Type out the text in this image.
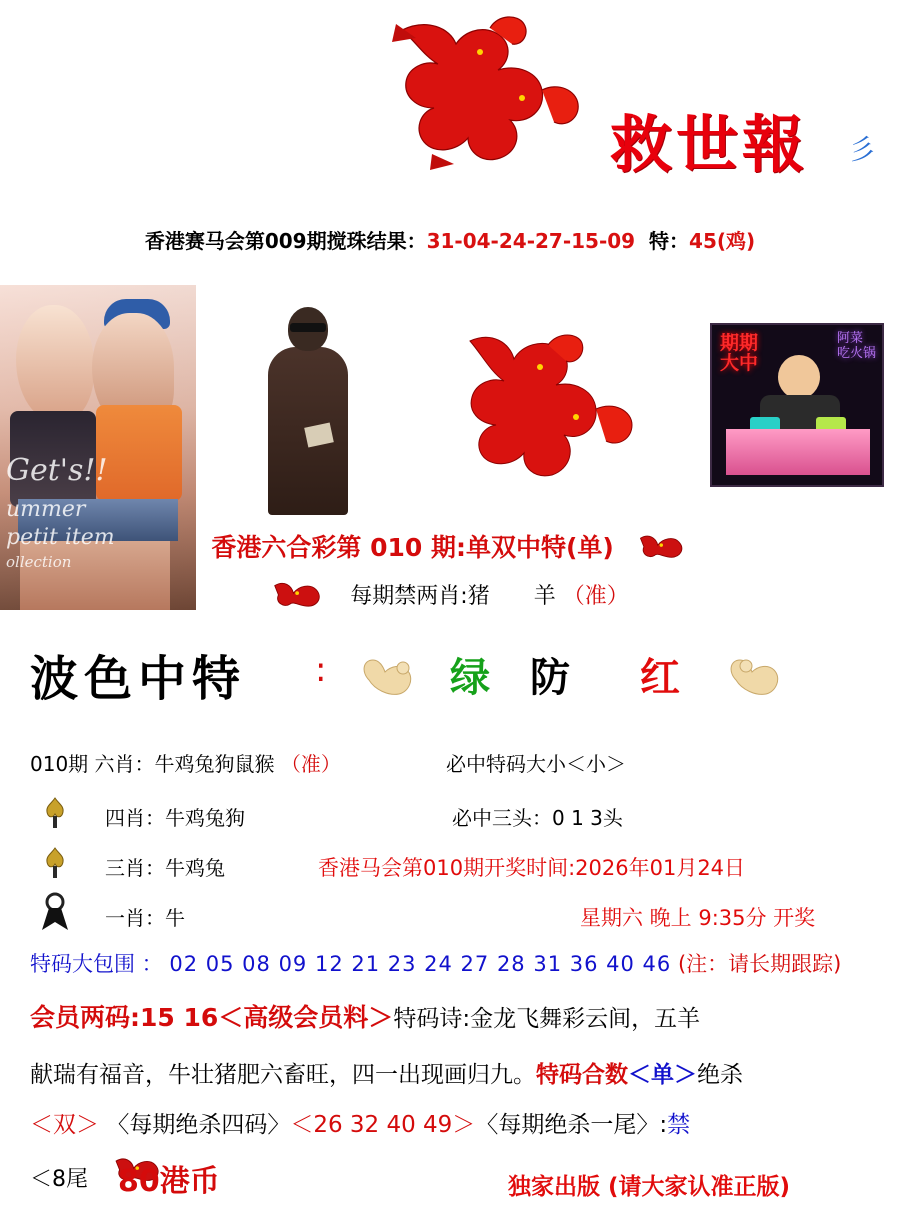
救世報 彡
香港赛马会第009期搅珠结果：31-04-24-27-15-09 特：45(鸡)
Get's!!
ummer
petit item
ollection
期期
大中
阿菜
吃火锅
香港六合彩第 010 期:单双中特(单)
每期禁两肖:猪　　羊 （准）
波色中特 :	绿 防 红
010期 六肖：牛鸡兔狗鼠猴 （准）	必中特码大小＜小＞
四肖：牛鸡兔狗	必中三头：0 1 3头
三肖：牛鸡兔	香港马会第010期开奖时间:2026年01月24日
一肖：牛	星期六 晚上 9:35分 开奖
特码大包围 ： 02 05 08 09 12 21 23 24 27 28 31 36 40 46 (注：请长期跟踪)
会员两码:15 16＜高级会员料＞特码诗:金龙飞舞彩云间，五羊
献瑞有福音，牛壮猪肥六畜旺，四一出现画归九。特码合数＜单＞绝杀
＜双＞ 〈每期绝杀四码〉＜26 32 40 49＞〈每期绝杀一尾〉:禁
＜8尾 80港币	独家出版 (请大家认准正版)
